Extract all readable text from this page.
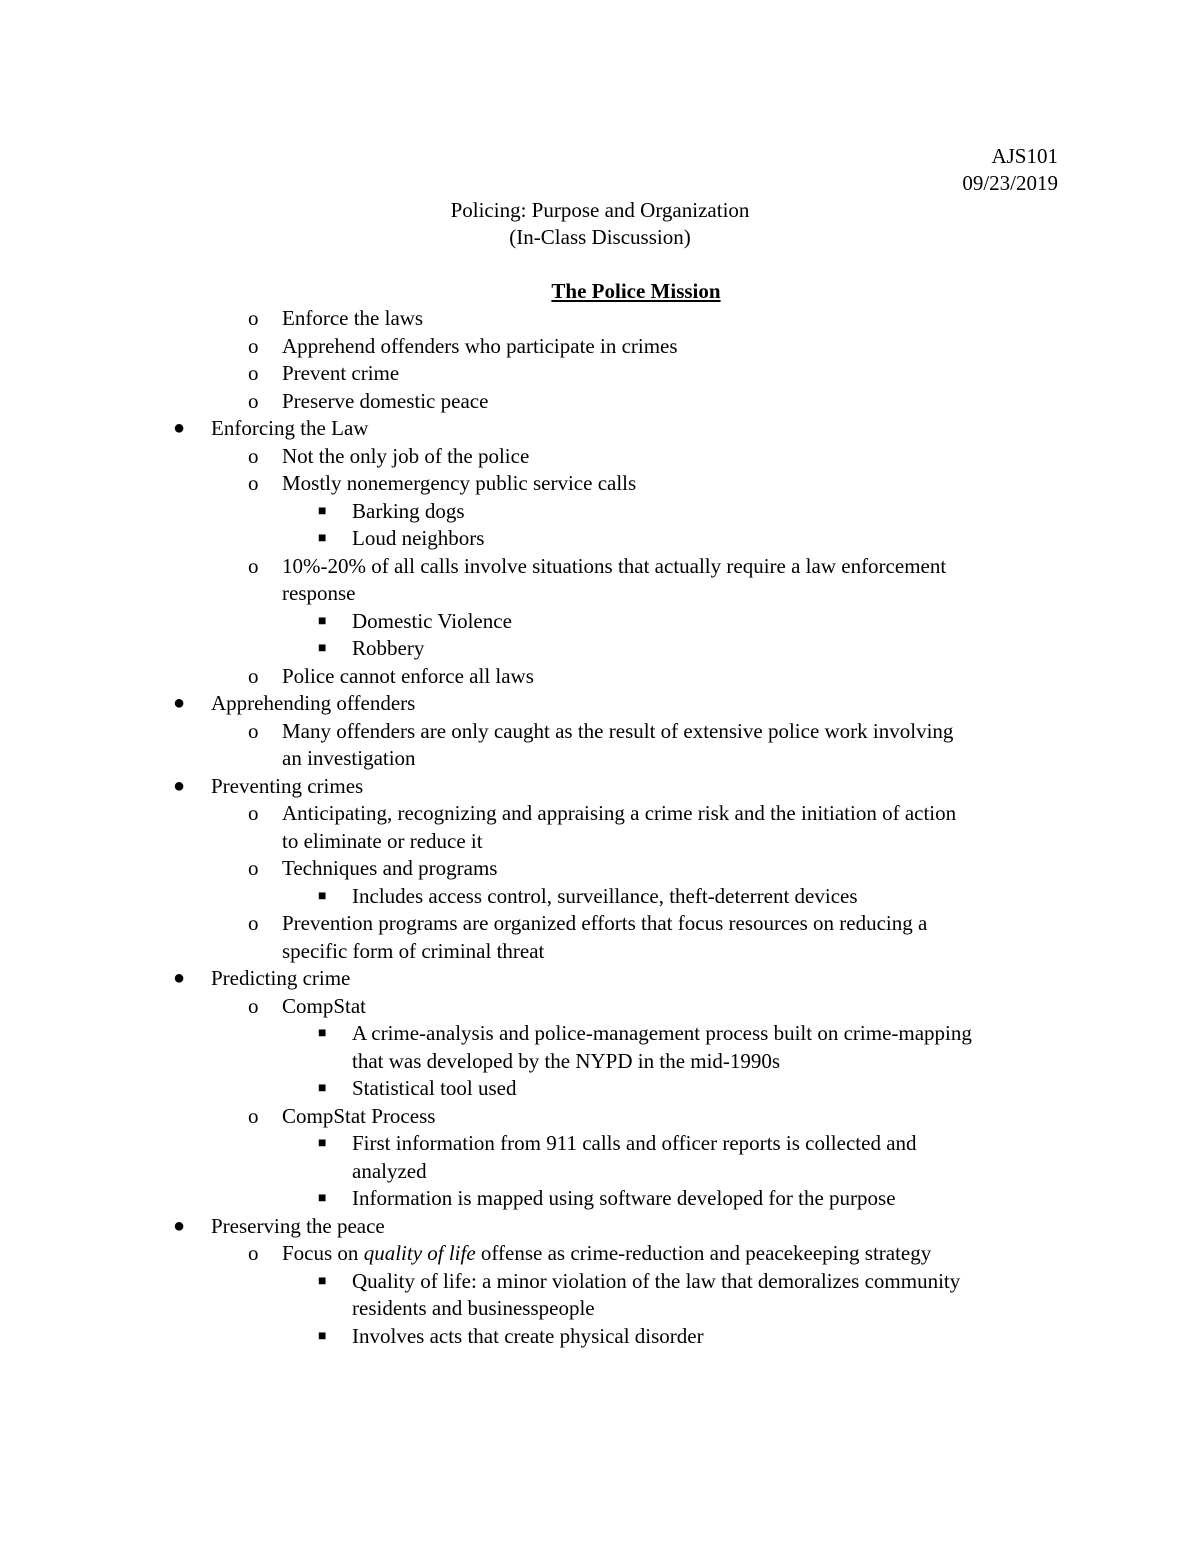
AJS101
09/23/2019
Policing: Purpose and Organization
(In-Class Discussion)
The Police Mission
o Enforce the laws
o Apprehend offenders who participate in crimes
o Prevent crime
o Preserve domestic peace
● Enforcing the Law
o Not the only job of the police
o Mostly nonemergency public service calls
■ Barking dogs
■ Loud neighbors
o 10%-20% of all calls involve situations that actually require a law enforcement
response
■ Domestic Violence
■ Robbery
o Police cannot enforce all laws
● Apprehending offenders
o Many offenders are only caught as the result of extensive police work involving
an investigation
● Preventing crimes
o Anticipating, recognizing and appraising a crime risk and the initiation of action
to eliminate or reduce it
o Techniques and programs
■ Includes access control, surveillance, theft-deterrent devices
o Prevention programs are organized efforts that focus resources on reducing a
specific form of criminal threat
● Predicting crime
o CompStat
■ A crime-analysis and police-management process built on crime-mapping
that was developed by the NYPD in the mid-1990s
■ Statistical tool used
o CompStat Process
■ First information from 911 calls and officer reports is collected and
analyzed
■ Information is mapped using software developed for the purpose
● Preserving the peace
o Focus on quality of life offense as crime-reduction and peacekeeping strategy
■ Quality of life: a minor violation of the law that demoralizes community
residents and businesspeople
■ Involves acts that create physical disorder
